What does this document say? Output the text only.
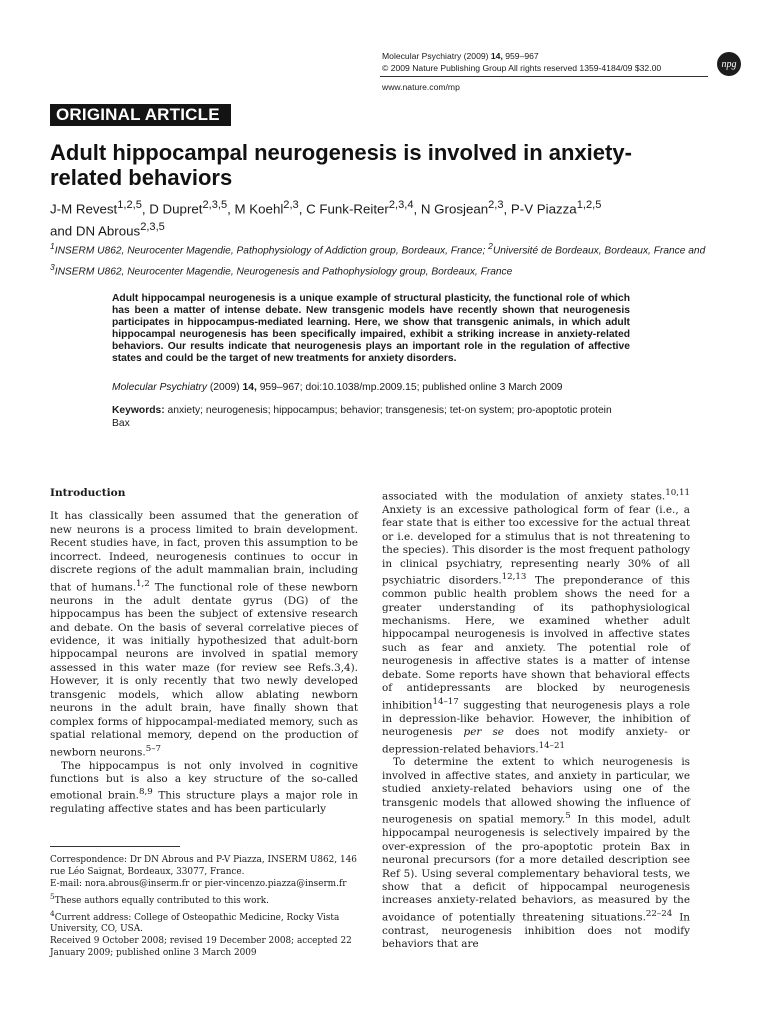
Molecular Psychiatry (2009) 14, 959–967
© 2009 Nature Publishing Group All rights reserved 1359-4184/09 $32.00
www.nature.com/mp
npg
ORIGINAL ARTICLE
Adult hippocampal neurogenesis is involved in anxiety-related behaviors
J-M Revest$^{1,2,5}$, D Dupret$^{2,3,5}$, M Koehl$^{2,3}$, C Funk-Reiter$^{2,3,4}$, N Grosjean$^{2,3}$, P-V Piazza$^{1,2,5}$
and DN Abrous$^{2,3,5}$
$^1$INSERM U862, Neurocenter Magendie, Pathophysiology of Addiction group, Bordeaux, France; $^2$Université de Bordeaux, Bordeaux, France and $^3$INSERM U862, Neurocenter Magendie, Neurogenesis and Pathophysiology group, Bordeaux, France
Adult hippocampal neurogenesis is a unique example of structural plasticity, the functional role of which has been a matter of intense debate. New transgenic models have recently shown that neurogenesis participates in hippocampus-mediated learning. Here, we show that transgenic animals, in which adult hippocampal neurogenesis has been specifically impaired, exhibit a striking increase in anxiety-related behaviors. Our results indicate that neurogenesis plays an important role in the regulation of affective states and could be the target of new treatments for anxiety disorders.
Molecular Psychiatry (2009) 14, 959–967; doi:10.1038/mp.2009.15; published online 3 March 2009
Keywords: anxiety; neurogenesis; hippocampus; behavior; transgenesis; tet-on system; pro-apoptotic protein Bax
Introduction

It has classically been assumed that the generation of new neurons is a process limited to brain development. Recent studies have, in fact, proven this assumption to be incorrect. Indeed, neurogenesis continues to occur in discrete regions of the adult mammalian brain, including that of humans.$^{1,2}$ The functional role of these newborn neurons in the adult dentate gyrus (DG) of the hippocampus has been the subject of extensive research and debate. On the basis of several correlative pieces of evidence, it was initially hypothesized that adult-born hippocampal neurons are involved in spatial memory assessed in this water maze (for review see Refs.3,4). However, it is only recently that two newly developed transgenic models, which allow ablating newborn neurons in the adult brain, have finally shown that complex forms of hippocampal-mediated memory, such as spatial relational memory, depend on the production of newborn neurons.$^{5-7}$

The hippocampus is not only involved in cognitive functions but is also a key structure of the so-called emotional brain.$^{8,9}$ This structure plays a major role in regulating affective states and has been particularly

Correspondence: Dr DN Abrous and P-V Piazza, INSERM U862, 146 rue Léo Saignat, Bordeaux, 33077, France.

E-mail: nora.abrous@inserm.fr or pier-vincenzo.piazza@inserm.fr

$^5$These authors equally contributed to this work.

$^4$Current address: College of Osteopathic Medicine, Rocky Vista University, CO, USA.

Received 9 October 2008; revised 19 December 2008; accepted 22 January 2009; published online 3 March 2009

associated with the modulation of anxiety states.$^{10,11}$ Anxiety is an excessive pathological form of fear (i.e., a fear state that is either too excessive for the actual threat or i.e. developed for a stimulus that is not threatening to the species). This disorder is the most frequent pathology in clinical psychiatry, representing nearly 30% of all psychiatric disorders.$^{12,13}$ The preponderance of this common public health problem shows the need for a greater understanding of its pathophysiological mechanisms. Here, we examined whether adult hippocampal neurogenesis is involved in affective states such as fear and anxiety. The potential role of neurogenesis in affective states is a matter of intense debate. Some reports have shown that behavioral effects of antidepressants are blocked by neurogenesis inhibition$^{14-17}$ suggesting that neurogenesis plays a role in depression-like behavior. However, the inhibition of neurogenesis per se does not modify anxiety- or depression-related behaviors.$^{14-21}$

To determine the extent to which neurogenesis is involved in affective states, and anxiety in particular, we studied anxiety-related behaviors using one of the transgenic models that allowed showing the influence of neurogenesis on spatial memory.$^5$ In this model, adult hippocampal neurogenesis is selectively impaired by the over-expression of the pro-apoptotic protein Bax in neuronal precursors (for a more detailed description see Ref 5). Using several complementary behavioral tests, we show that a deficit of hippocampal neurogenesis increases anxiety-related behaviors, as measured by the avoidance of potentially threatening situations.$^{22-24}$ In contrast, neurogenesis inhibition does not modify behaviors that are
